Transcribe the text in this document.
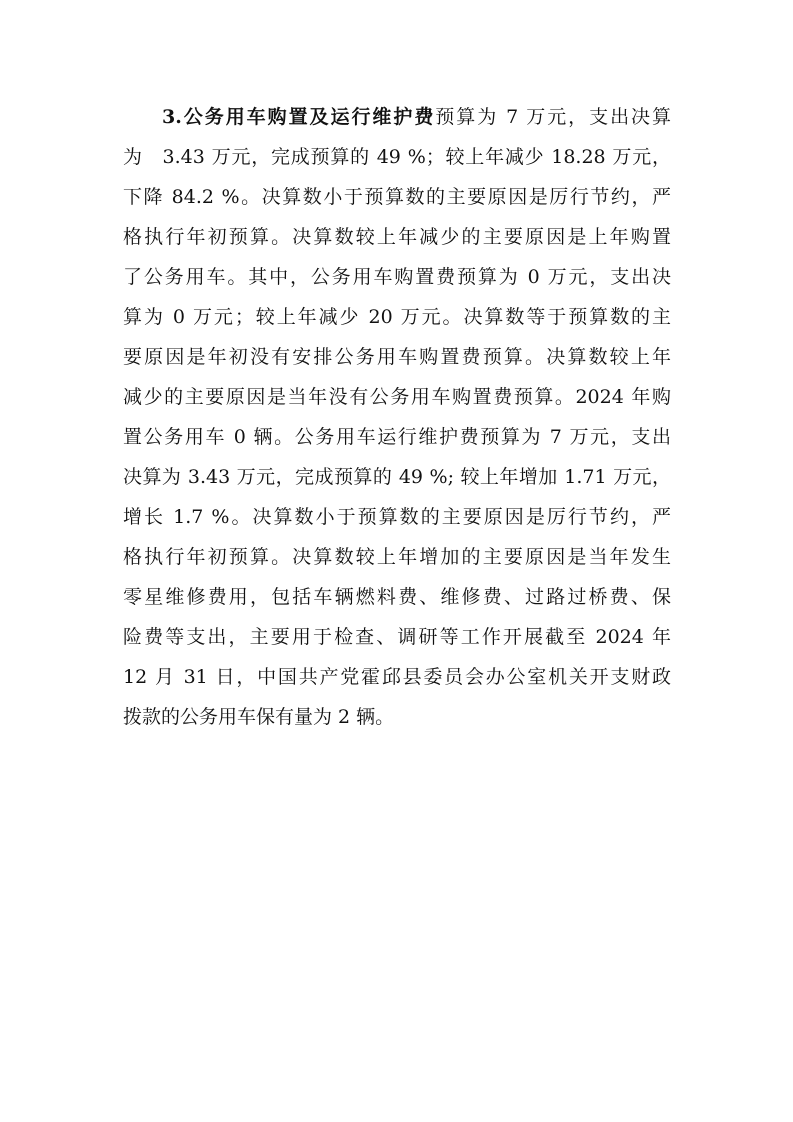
3.公务用车购置及运行维护费预算为 7 万元，支出决算
为　3.43 万元，完成预算的 49 %；较上年减少 18.28 万元，
下降 84.2 %。决算数小于预算数的主要原因是厉行节约，严
格执行年初预算。决算数较上年减少的主要原因是上年购置
了公务用车。其中，公务用车购置费预算为 0 万元，支出决
算为 0 万元；较上年减少 20 万元。决算数等于预算数的主
要原因是年初没有安排公务用车购置费预算。决算数较上年
减少的主要原因是当年没有公务用车购置费预算。2024 年购
置公务用车 0 辆。公务用车运行维护费预算为 7 万元，支出
决算为 3.43 万元，完成预算的 49 %; 较上年增加 1.71 万元，
增长 1.7 %。决算数小于预算数的主要原因是厉行节约，严
格执行年初预算。决算数较上年增加的主要原因是当年发生
零星维修费用，包括车辆燃料费、维修费、过路过桥费、保
险费等支出，主要用于检查、调研等工作开展截至 2024 年
12 月 31 日，中国共产党霍邱县委员会办公室机关开支财政
拨款的公务用车保有量为 2 辆。
